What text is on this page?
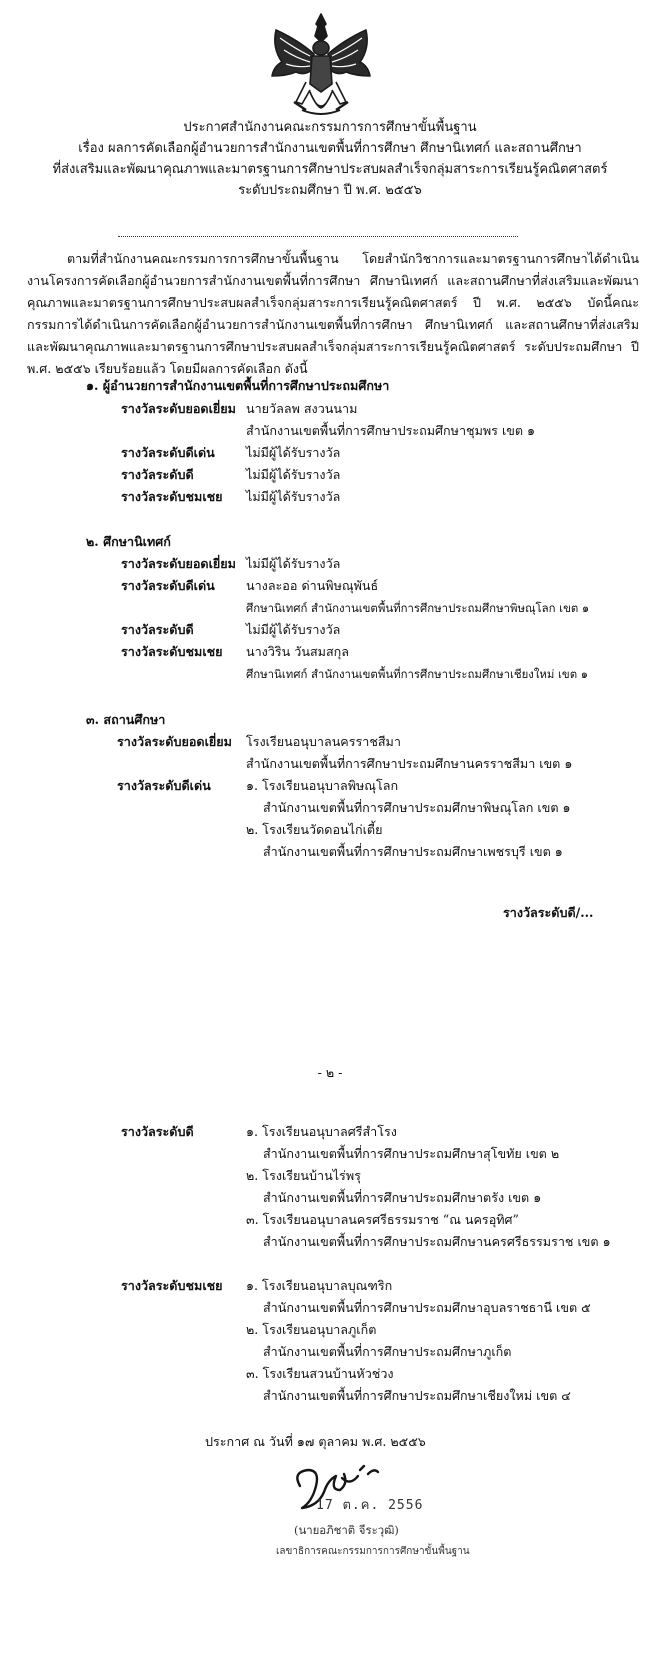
ประกาศสำนักงานคณะกรรมการการศึกษาขั้นพื้นฐาน
เรื่อง ผลการคัดเลือกผู้อำนวยการสำนักงานเขตพื้นที่การศึกษา ศึกษานิเทศก์ และสถานศึกษา
ที่ส่งเสริมและพัฒนาคุณภาพและมาตรฐานการศึกษาประสบผลสำเร็จกลุ่มสาระการเรียนรู้คณิตศาสตร์
ระดับประถมศึกษา ปี พ.ศ. ๒๕๕๖

ตามที่สำนักงานคณะกรรมการการศึกษาขั้นพื้นฐาน โดยสำนักวิชาการและมาตรฐานการศึกษาได้ดำเนินงานโครงการคัดเลือกผู้อำนวยการสำนักงานเขตพื้นที่การศึกษา ศึกษานิเทศก์ และสถานศึกษาที่ส่งเสริมและพัฒนาคุณภาพและมาตรฐานการศึกษาประสบผลสำเร็จกลุ่มสาระการเรียนรู้คณิตศาสตร์ ปี พ.ศ. ๒๕๕๖ บัดนี้คณะกรรมการได้ดำเนินการคัดเลือกผู้อำนวยการสำนักงานเขตพื้นที่การศึกษา ศึกษานิเทศก์ และสถานศึกษาที่ส่งเสริมและพัฒนาคุณภาพและมาตรฐานการศึกษาประสบผลสำเร็จกลุ่มสาระการเรียนรู้คณิตศาสตร์ ระดับประถมศึกษา ปี พ.ศ. ๒๕๕๖ เรียบร้อยแล้ว โดยมีผลการคัดเลือก ดังนี้

๑. ผู้อำนวยการสำนักงานเขตพื้นที่การศึกษาประถมศึกษา
รางวัลระดับยอดเยี่ยม นายวัลลพ สงวนนาม
สำนักงานเขตพื้นที่การศึกษาประถมศึกษาชุมพร เขต ๑
รางวัลระดับดีเด่น ไม่มีผู้ได้รับรางวัล
รางวัลระดับดี	ไม่มีผู้ได้รับรางวัล
รางวัลระดับชมเชย ไม่มีผู้ได้รับรางวัล
๒. ศึกษานิเทศก์
รางวัลระดับยอดเยี่ยม ไม่มีผู้ได้รับรางวัล
รางวัลระดับดีเด่น นางละออ ด่านพิษณุพันธ์
ศึกษานิเทศก์ สำนักงานเขตพื้นที่การศึกษาประถมศึกษาพิษณุโลก เขต ๑
รางวัลระดับดี	ไม่มีผู้ได้รับรางวัล
รางวัลระดับชมเชย นางวิริน วันสมสกุล
ศึกษานิเทศก์ สำนักงานเขตพื้นที่การศึกษาประถมศึกษาเชียงใหม่ เขต ๑
๓. สถานศึกษา
รางวัลระดับยอดเยี่ยม โรงเรียนอนุบาลนครราชสีมา
สำนักงานเขตพื้นที่การศึกษาประถมศึกษานครราชสีมา เขต ๑
รางวัลระดับดีเด่น	๑. โรงเรียนอนุบาลพิษณุโลก
สำนักงานเขตพื้นที่การศึกษาประถมศึกษาพิษณุโลก เขต ๑
๒. โรงเรียนวัดดอนไก่เตี้ย
สำนักงานเขตพื้นที่การศึกษาประถมศึกษาเพชรบุรี เขต ๑
รางวัลระดับดี/...
- ๒ -
รางวัลระดับดี	๑. โรงเรียนอนุบาลศรีสำโรง
สำนักงานเขตพื้นที่การศึกษาประถมศึกษาสุโขทัย เขต ๒
๒. โรงเรียนบ้านไร่พรุ
สำนักงานเขตพื้นที่การศึกษาประถมศึกษาตรัง เขต ๑
๓. โรงเรียนอนุบาลนครศรีธรรมราช “ณ นครอุทิศ”
สำนักงานเขตพื้นที่การศึกษาประถมศึกษานครศรีธรรมราช เขต ๑
รางวัลระดับชมเชย ๑. โรงเรียนอนุบาลบุณฑริก
สำนักงานเขตพื้นที่การศึกษาประถมศึกษาอุบลราชธานี เขต ๕
๒. โรงเรียนอนุบาลภูเก็ต
สำนักงานเขตพื้นที่การศึกษาประถมศึกษาภูเก็ต
๓. โรงเรียนสวนบ้านหัวช่วง
สำนักงานเขตพื้นที่การศึกษาประถมศึกษาเชียงใหม่ เขต ๔
ประกาศ ณ วันที่ ๑๗ ตุลาคม พ.ศ. ๒๕๕๖
17 ต.ค. 2556
(นายอภิชาติ จีระวุฒิ)
เลขาธิการคณะกรรมการการศึกษาขั้นพื้นฐาน
